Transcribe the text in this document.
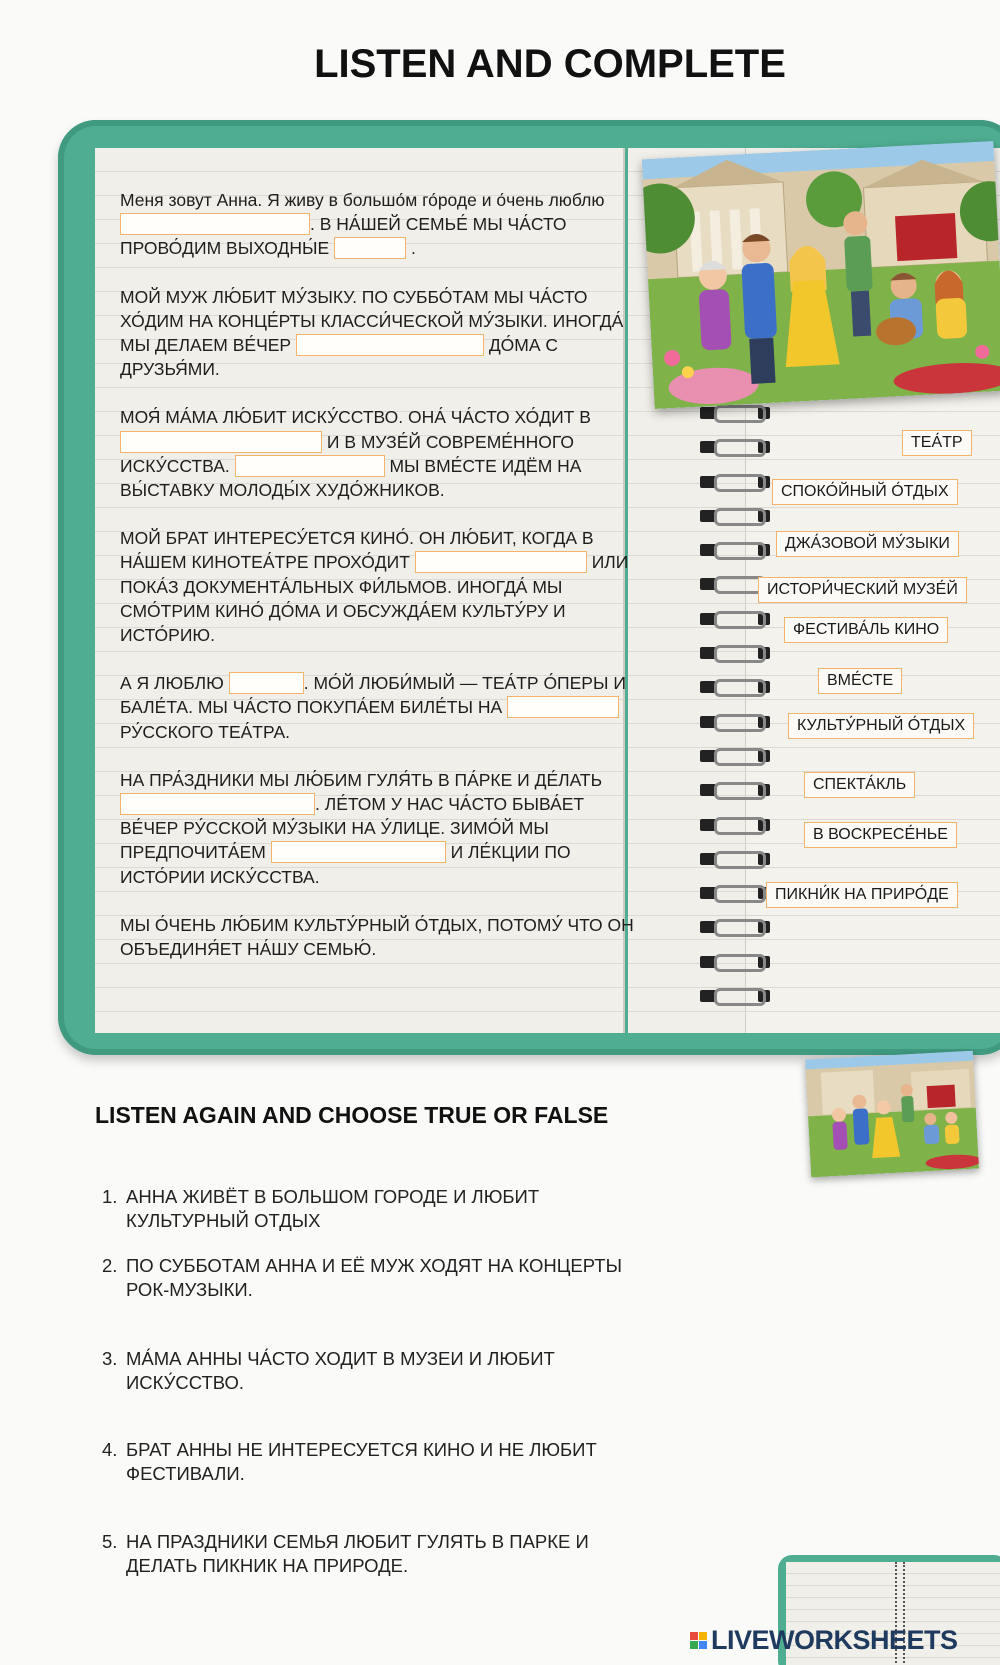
LISTEN AND COMPLETE

Меня зовут Анна. Я живу в большо́м го́роде и о́чень люблю . В НА́ШЕЙ СЕМЬЕ́ МЫ ЧА́СТО ПРОВО́ДИМ ВЫХОДНЫ́Е	.

МОЙ МУЖ ЛЮ́БИТ МУ́ЗЫКУ. ПО СУББО́ТАМ МЫ ЧА́СТО ХО́ДИМ НА КОНЦЕ́РТЫ КЛАССИ́ЧЕСКОЙ МУ́ЗЫКИ. ИНОГДА́ МЫ ДЕЛАЕМ ВЕ́ЧЕР	ДО́МА С ДРУЗЬЯ́МИ.

МОЯ́ МА́МА ЛЮ́БИТ ИСКУ́ССТВО. ОНА́ ЧА́СТО ХО́ДИТ В  И В МУЗЕ́Й СОВРЕМЕ́ННОГО ИСКУ́ССТВА.	МЫ ВМЕ́СТЕ ИДЁМ НА ВЫ́СТАВКУ МОЛОДЫ́Х ХУДО́ЖНИКОВ.

МОЙ БРАТ ИНТЕРЕСУ́ЕТСЯ КИНО́. ОН ЛЮ́БИТ, КОГДА В НА́ШЕМ КИНОТЕА́ТРЕ ПРОХО́ДИТ	ИЛИ ПОКА́З ДОКУМЕНТА́ЛЬНЫХ ФИ́ЛЬМОВ. ИНОГДА́ МЫ СМО́ТРИМ КИНО́ ДО́МА И ОБСУЖДА́ЕМ КУЛЬТУ́РУ И ИСТО́РИЮ.

А Я ЛЮБЛЮ	. МО́Й ЛЮБИ́МЫЙ — ТЕА́ТР О́ПЕРЫ И БАЛЕ́ТА. МЫ ЧА́СТО ПОКУПА́ЕМ БИЛЕ́ТЫ НА  РУ́ССКОГО ТЕА́ТРА.

НА ПРА́ЗДНИКИ МЫ ЛЮ́БИМ ГУЛЯ́ТЬ В ПА́РКЕ И ДЕ́ЛАТЬ . ЛЕ́ТОМ У НАС ЧА́СТО БЫВА́ЕТ ВЕ́ЧЕР РУ́ССКОЙ МУ́ЗЫКИ НА У́ЛИЦЕ. ЗИМО́Й МЫ ПРЕДПОЧИТА́ЕМ	И ЛЕ́КЦИИ ПО ИСТО́РИИ ИСКУ́ССТВА.

МЫ О́ЧЕНЬ ЛЮ́БИМ КУЛЬТУ́РНЫЙ О́ТДЫХ, ПОТОМУ́ ЧТО ОН ОБЪЕДИНЯ́ЕТ НА́ШУ СЕМЬЮ́.

ТЕА́ТР
СПОКО́ЙНЫЙ О́ТДЫХ
ДЖА́ЗОВОЙ МУ́ЗЫКИ
ИСТОРИ́ЧЕСКИЙ МУЗЕ́Й
ФЕСТИВА́ЛЬ КИНО
ВМЕ́СТЕ
КУЛЬТУ́РНЫЙ О́ТДЫХ
СПЕКТА́КЛЬ
В ВОСКРЕСЕ́НЬЕ
ПИКНИ́К НА ПРИРО́ДЕ
LISTEN AGAIN AND CHOOSE TRUE OR FALSE
1. АННА ЖИВЁТ В БОЛЬШОМ ГОРОДЕ И ЛЮБИТ КУЛЬТУРНЫЙ ОТДЫХ
2. ПО СУББОТАМ АННА И ЕЁ МУЖ ХОДЯТ НА КОНЦЕРТЫ РОК-МУЗЫКИ.
3. МА́МА АННЫ ЧА́СТО ХОДИТ В МУЗЕИ И ЛЮБИТ ИСКУ́ССТВО.
4. БРАТ АННЫ НЕ ИНТЕРЕСУЕТСЯ КИНО И НЕ ЛЮБИТ ФЕСТИВАЛИ.
5. НА ПРАЗДНИКИ СЕМЬЯ ЛЮБИТ ГУЛЯТЬ В ПАРКЕ И ДЕЛАТЬ ПИКНИК НА ПРИРОДЕ.
LIVEWORKSHEETS
